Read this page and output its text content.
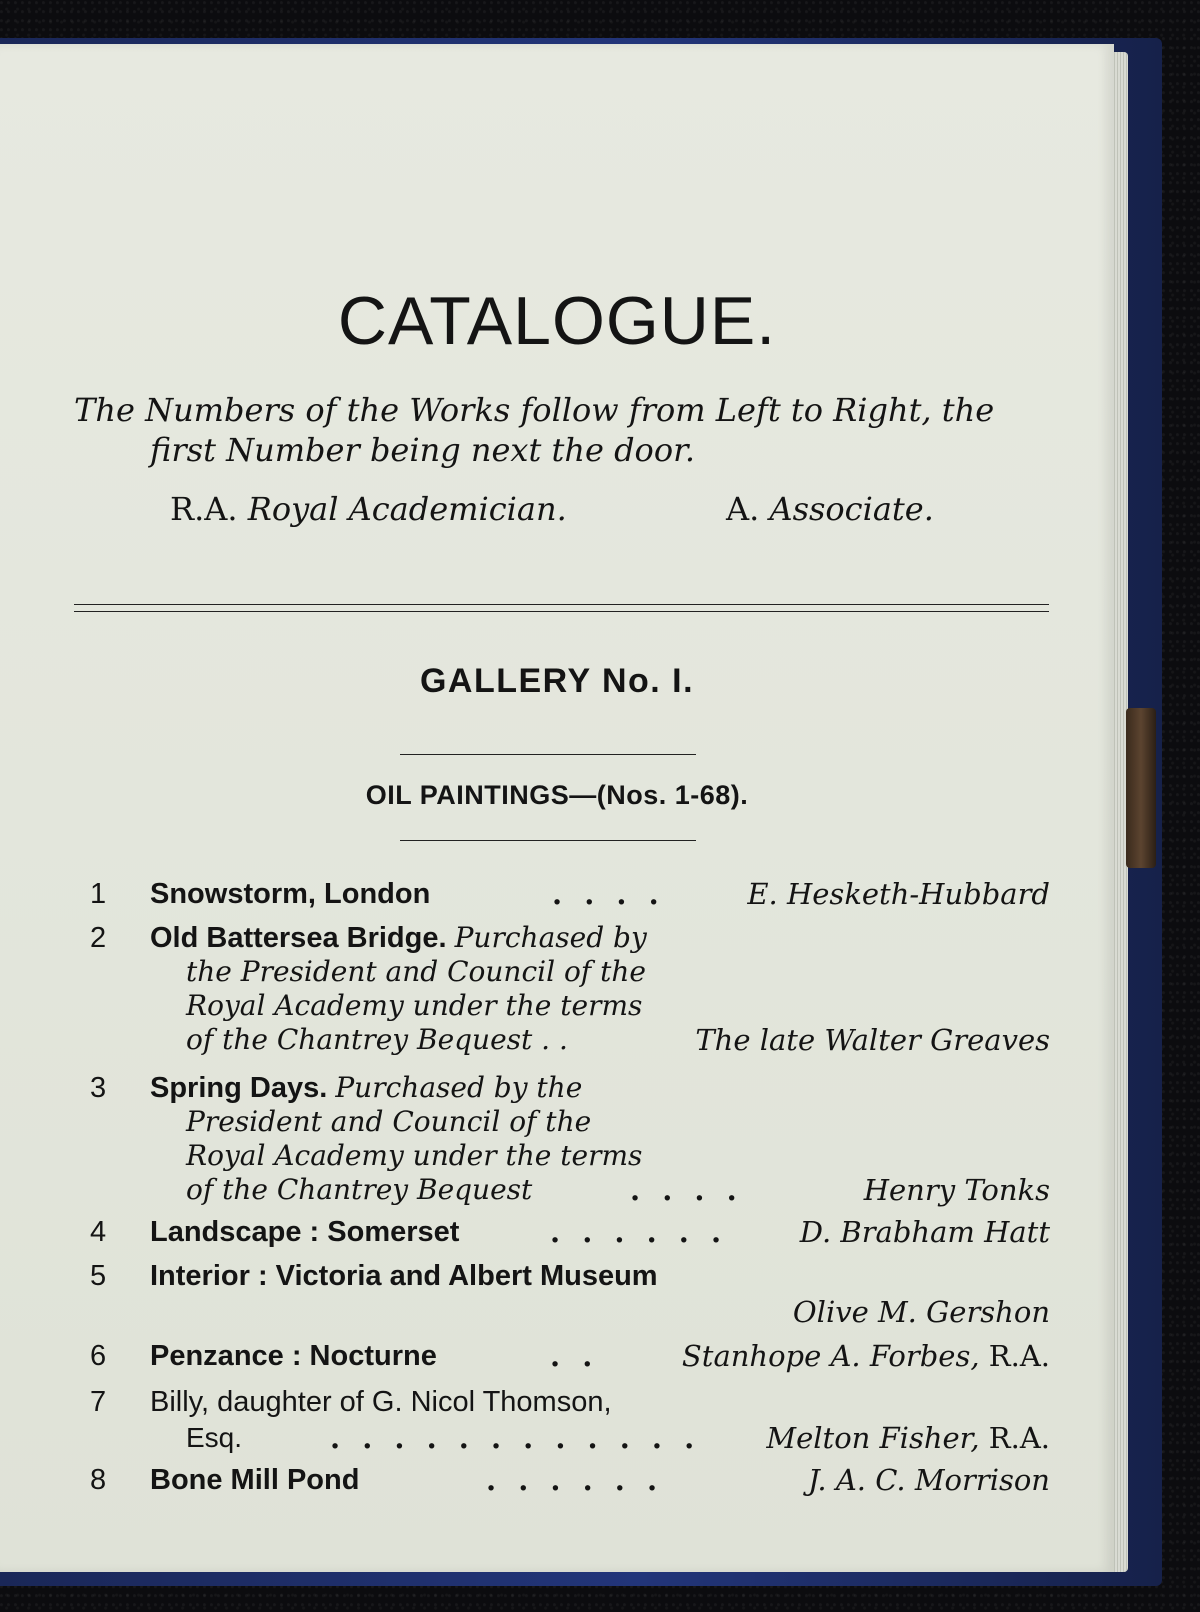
CATALOGUE.
The Numbers of the Works follow from Left to Right, the
first Number being next the door.
R.A. Royal Academician.	A. Associate.
GALLERY No. I.
OIL PAINTINGS—(Nos. 1-68).
1	Snowstorm, London	. . . .	E. Hesketh-Hubbard
2	Old Battersea Bridge. Purchased by
the President and Council of the
Royal Academy under the terms
of the Chantrey Bequest . .	The late Walter Greaves
3	Spring Days. Purchased by the
President and Council of the
Royal Academy under the terms
of the Chantrey Bequest	. . . .	Henry Tonks
4	Landscape : Somerset	. . . . . .	D. Brabham Hatt
5	Interior : Victoria and Albert Museum
Olive M. Gershon
6	Penzance : Nocturne	. .	Stanhope A. Forbes, R.A.
7	Billy, daughter of G. Nicol Thomson,
Esq.	. . . . . . . . . . . . Melton Fisher, R.A.
8	Bone Mill Pond	. . . . . .	J. A. C. Morrison
